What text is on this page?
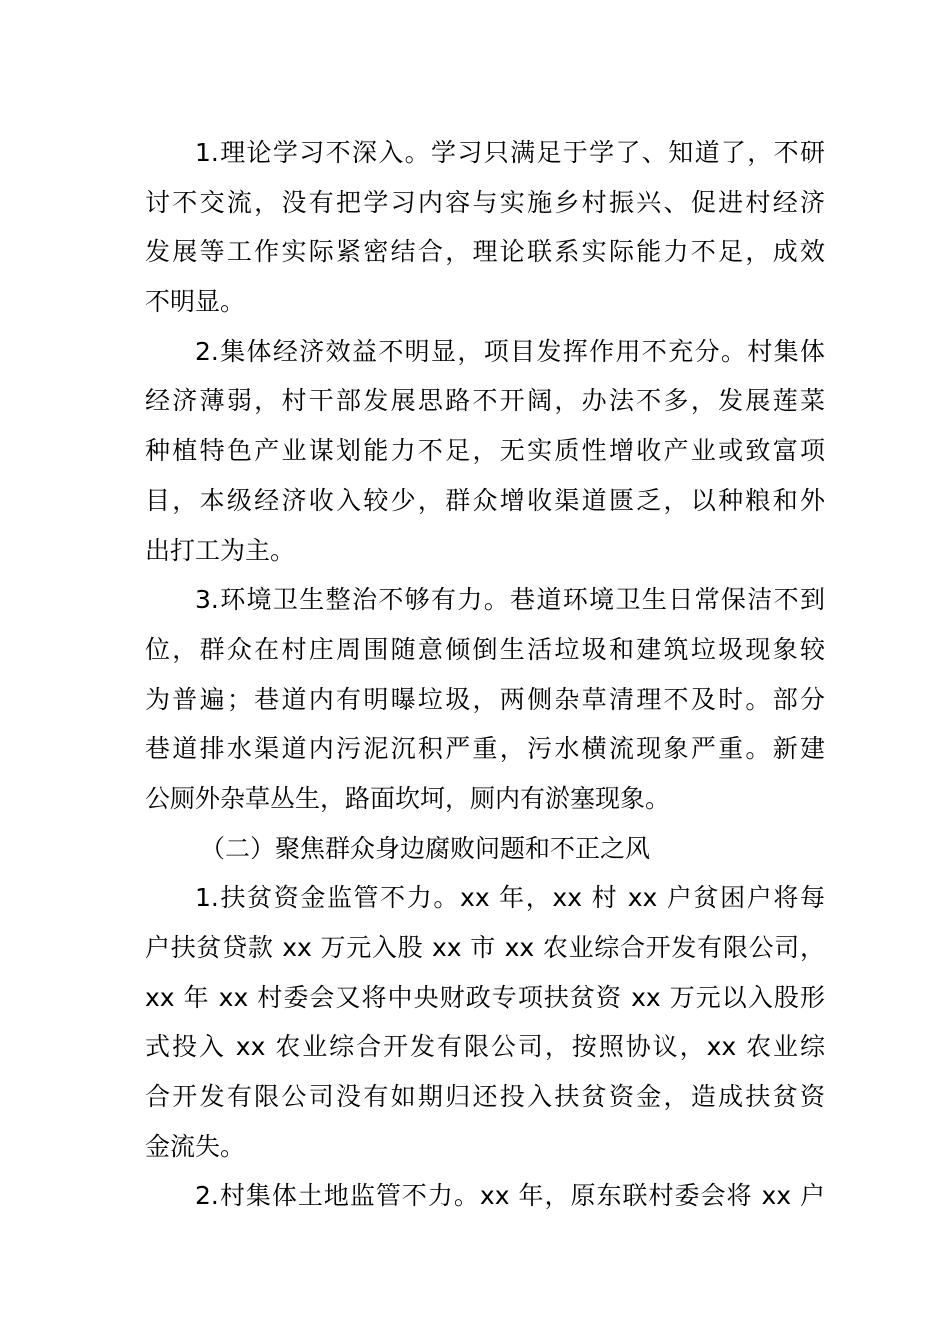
1.理论学习不深入。学习只满足于学了、知道了，不研
讨不交流，没有把学习内容与实施乡村振兴、促进村经济
发展等工作实际紧密结合，理论联系实际能力不足，成效
不明显。
2.集体经济效益不明显，项目发挥作用不充分。村集体
经济薄弱，村干部发展思路不开阔，办法不多，发展莲菜
种植特色产业谋划能力不足，无实质性增收产业或致富项
目，本级经济收入较少，群众增收渠道匮乏，以种粮和外
出打工为主。
3.环境卫生整治不够有力。巷道环境卫生日常保洁不到
位，群众在村庄周围随意倾倒生活垃圾和建筑垃圾现象较
为普遍；巷道内有明曝垃圾，两侧杂草清理不及时。部分
巷道排水渠道内污泥沉积严重，污水横流现象严重。新建
公厕外杂草丛生，路面坎坷，厕内有淤塞现象。
（二）聚焦群众身边腐败问题和不正之风
1.扶贫资金监管不力。xx 年，xx 村 xx 户贫困户将每
户扶贫贷款 xx 万元入股 xx 市 xx 农业综合开发有限公司，
xx 年 xx 村委会又将中央财政专项扶贫资 xx 万元以入股形
式投入 xx 农业综合开发有限公司，按照协议，xx 农业综
合开发有限公司没有如期归还投入扶贫资金，造成扶贫资
金流失。
2.村集体土地监管不力。xx 年，原东联村委会将 xx 户
